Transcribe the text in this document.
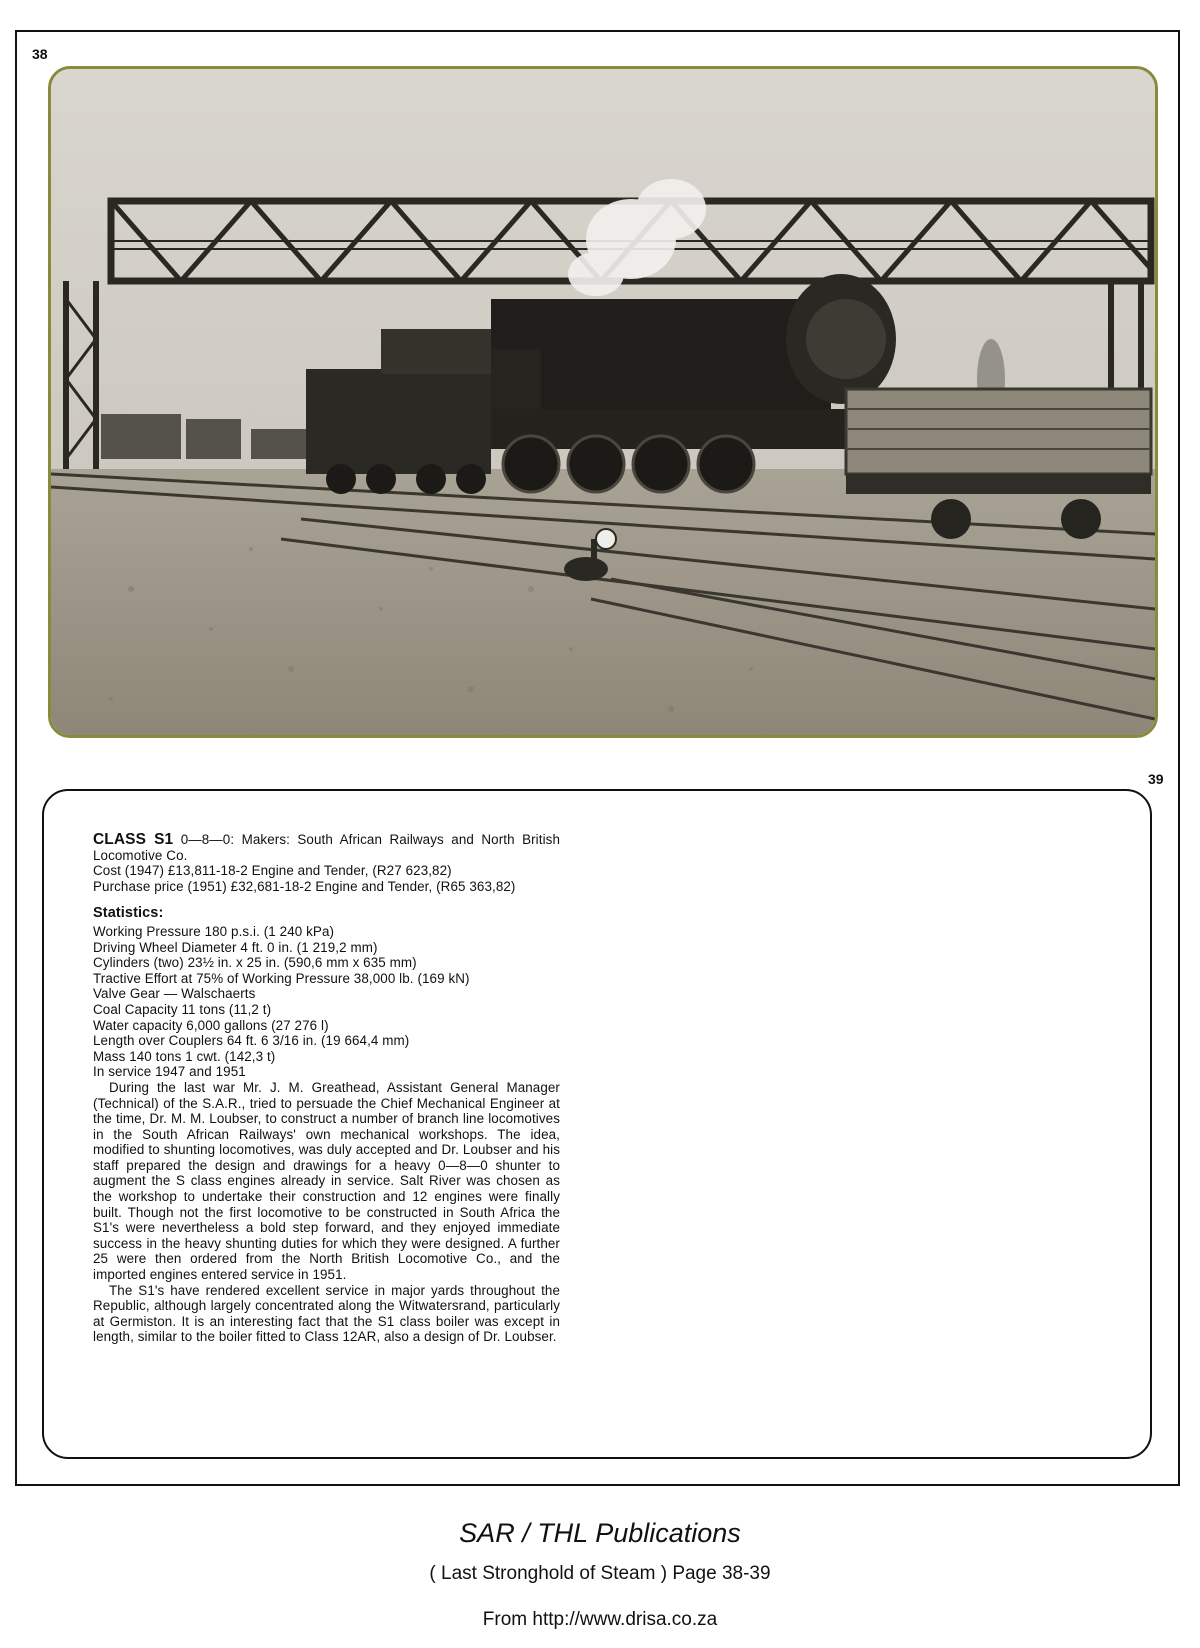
38
39

CLASS S1 0—8—0: Makers: South African Railways and North British Locomotive Co.

Cost (1947) £13,811-18-2 Engine and Tender, (R27 623,82)

Purchase price (1951) £32,681-18-2 Engine and Tender, (R65 363,82)

Statistics:
Working Pressure 180 p.s.i. (1 240 kPa)
Driving Wheel Diameter 4 ft. 0 in. (1 219,2 mm)
Cylinders (two) 23½ in. x 25 in. (590,6 mm x 635 mm)
Tractive Effort at 75% of Working Pressure 38,000 lb. (169 kN)
Valve Gear — Walschaerts
Coal Capacity 11 tons (11,2 t)
Water capacity 6,000 gallons (27 276 l)
Length over Couplers 64 ft. 6 3/16 in. (19 664,4 mm)
Mass 140 tons 1 cwt. (142,3 t)
In service 1947 and 1951

During the last war Mr. J. M. Greathead, Assistant General Manager (Technical) of the S.A.R., tried to persuade the Chief Mechanical Engineer at the time, Dr. M. M. Loubser, to construct a number of branch line locomotives in the South African Railways' own mechanical workshops. The idea, modified to shunting locomotives, was duly accepted and Dr. Loubser and his staff prepared the design and drawings for a heavy 0—8—0 shunter to augment the S class engines already in service. Salt River was chosen as the workshop to undertake their construction and 12 engines were finally built. Though not the first locomotive to be constructed in South Africa the S1's were nevertheless a bold step forward, and they enjoyed immediate success in the heavy shunting duties for which they were designed. A further 25 were then ordered from the North British Locomotive Co., and the imported engines entered service in 1951.

The S1's have rendered excellent service in major yards throughout the Republic, although largely concentrated along the Witwatersrand, particularly at Germiston. It is an interesting fact that the S1 class boiler was except in length, similar to the boiler fitted to Class 12AR, also a design of Dr. Loubser.

SAR / THL Publications
( Last Stronghold of Steam ) Page 38-39
From http://www.drisa.co.za
